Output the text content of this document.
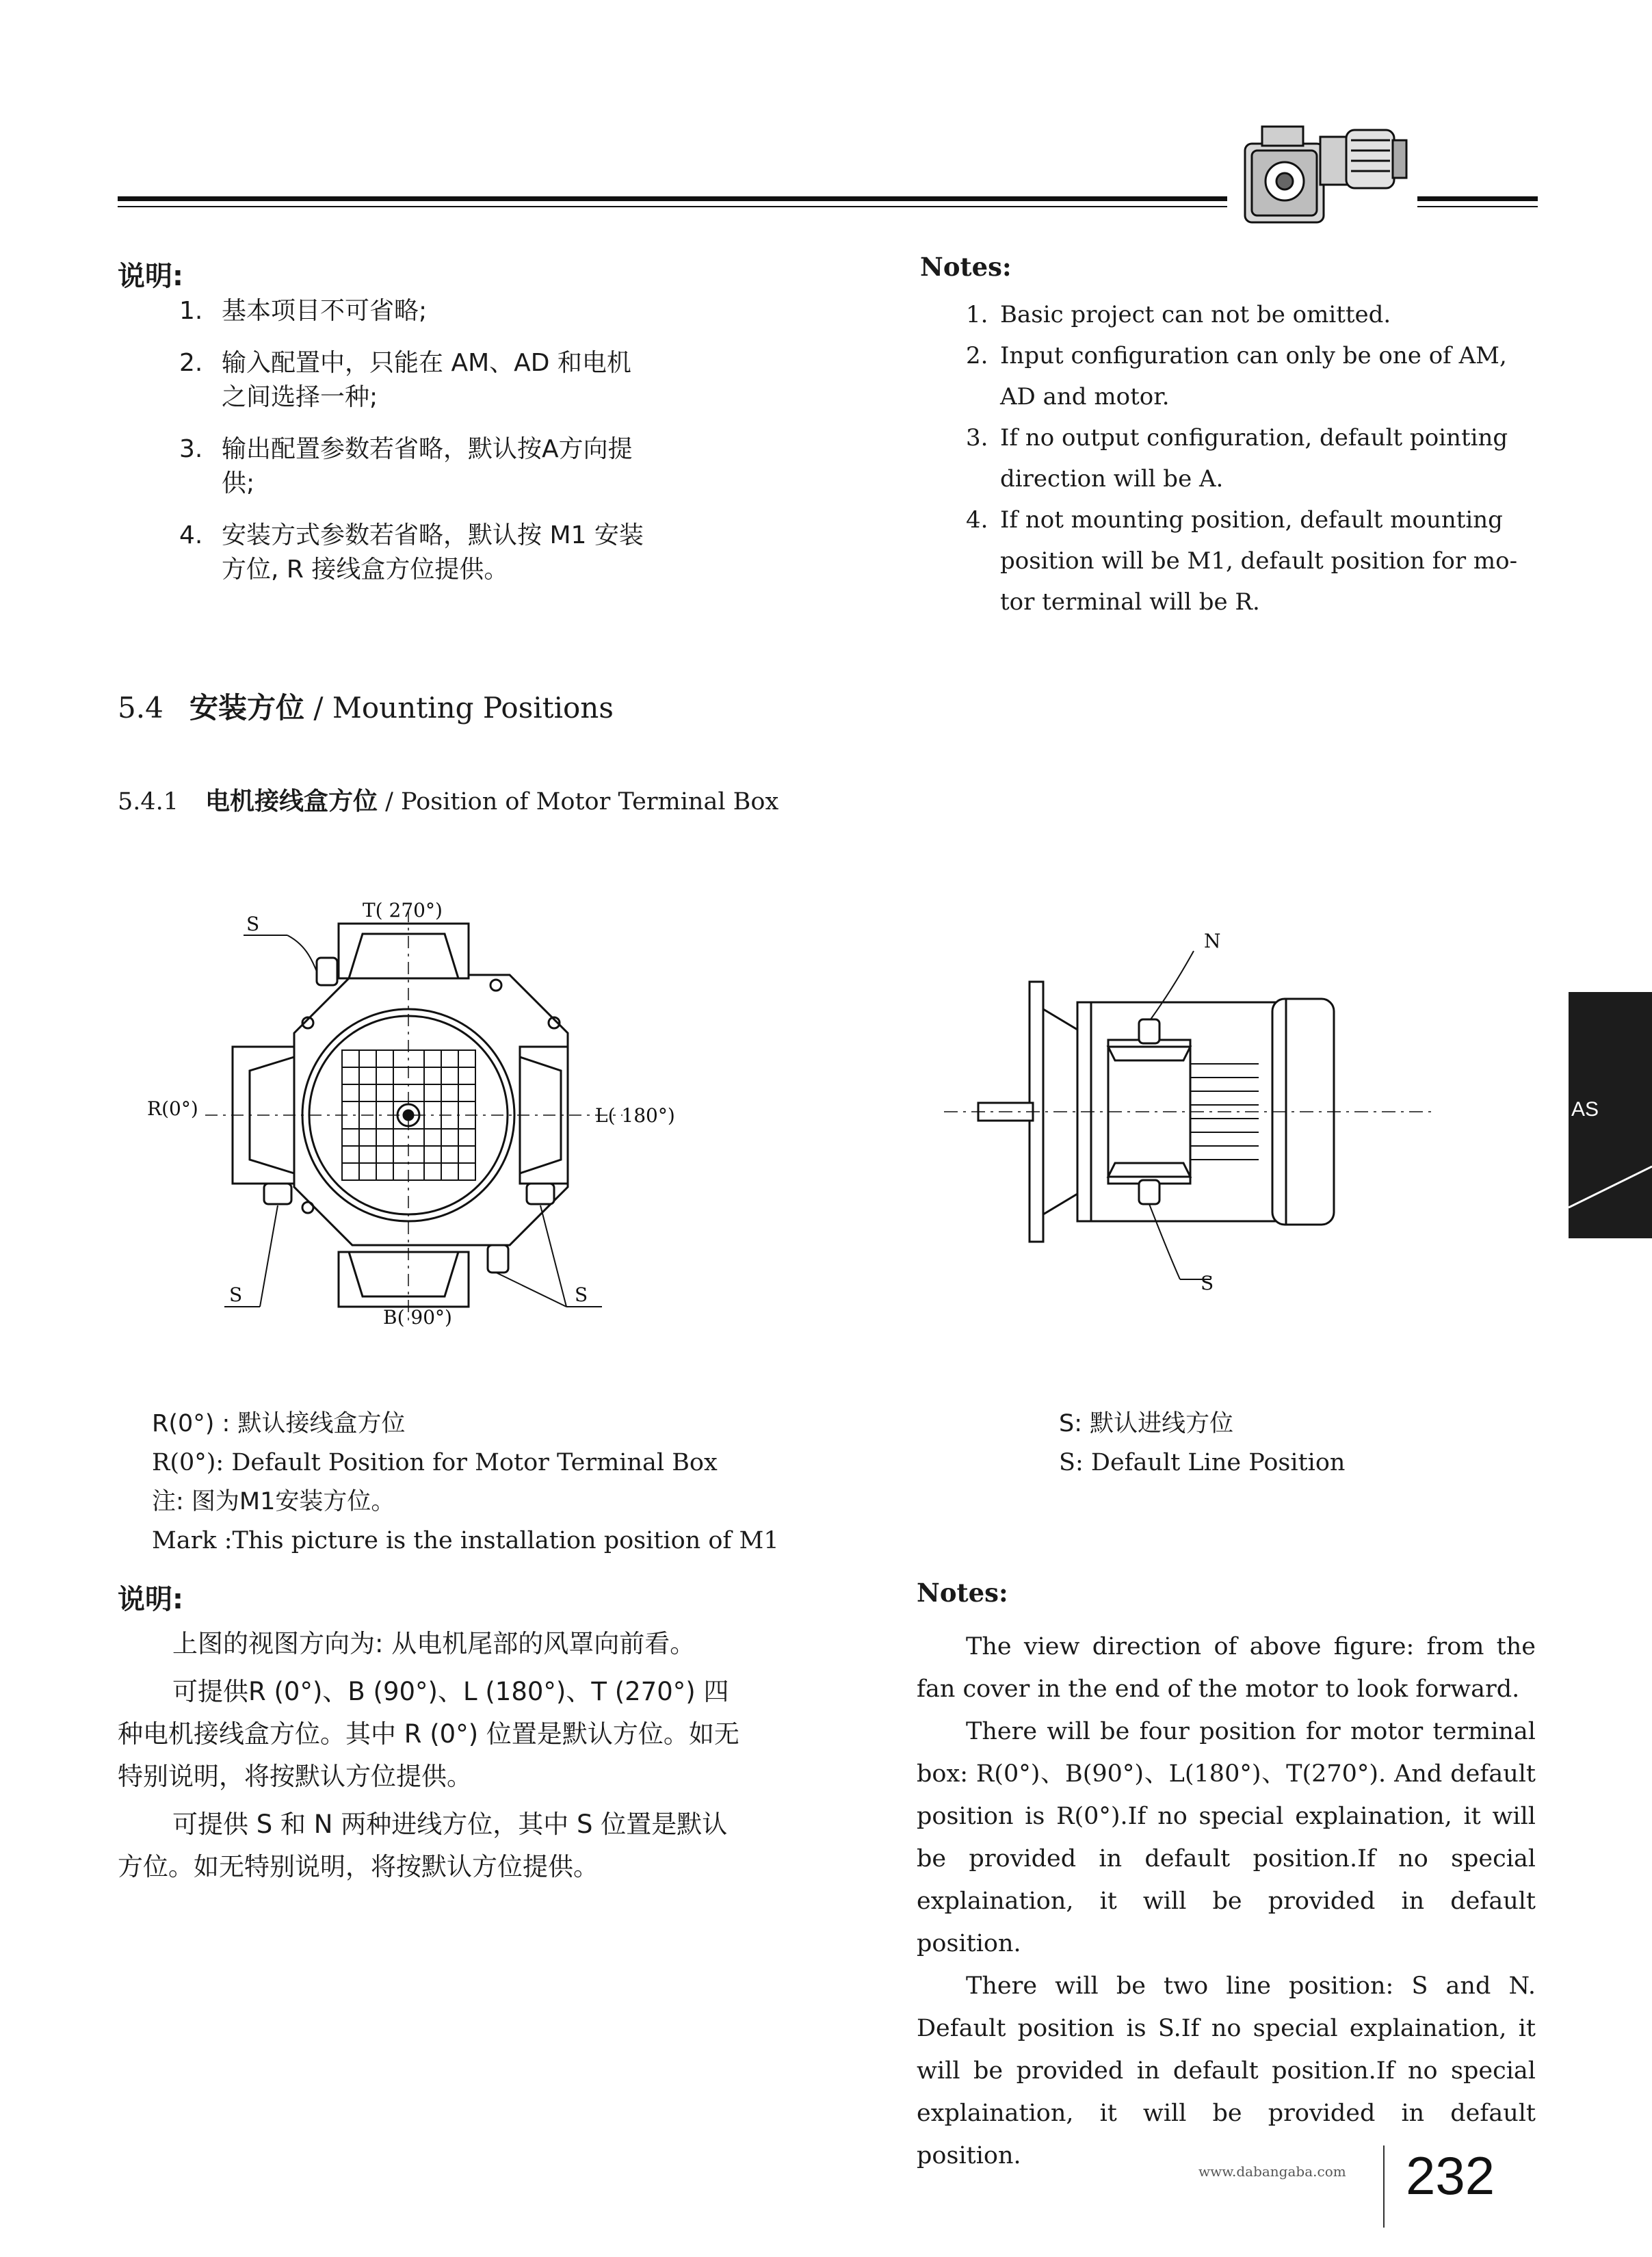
说明:
1. 基本项目不可省略;
2. 输入配置中，只能在 AM、AD 和电机
之间选择一种;
3. 输出配置参数若省略，默认按A方向提
供;
4. 安装方式参数若省略，默认按 M1 安装
方位, R 接线盒方位提供。
Notes:
1. Basic project can not be omitted.
2. Input configuration can only be one of AM,
AD and motor.
3. If no output configuration, default pointing
direction will be A.
4. If not mounting position, default mounting
position will be M1, default position for mo-
tor terminal will be R.
5.4 安装方位 / Mounting Positions
5.4.1 电机接线盒方位 / Position of Motor Terminal Box
S
T( 270°)
R(0°)	L( 180°)
S	S
B( 90°)
N
S
R(0°) : 默认接线盒方位
R(0°): Default Position for Motor Terminal Box
注: 图为M1安装方位。
Mark :This picture is the installation position of M1
S: 默认进线方位
S: Default Line Position
说明:
上图的视图方向为: 从电机尾部的风罩向前看。
可提供R (0°)、B (90°)、L (180°)、T (270°) 四种电机接线盒方位。其中 R (0°) 位置是默认方位。如无特别说明，将按默认方位提供。
可提供 S 和 N 两种进线方位，其中 S 位置是默认方位。如无特别说明，将按默认方位提供。
Notes:
The view direction of above figure: from the fan cover in the end of the motor to look forward.
There will be four position for motor terminal box: R(0°)、B(90°)、L(180°)、T(270°). And default position is R(0°).If no special explaination, it will be provided in default position.If no special explaination, it will be provided in default position.
There will be two line position: S and N. Default position is S.If no special explaination, it will be provided in default position.If no special explaination, it will be provided in default position.
AS
www.dabangaba.com 232
